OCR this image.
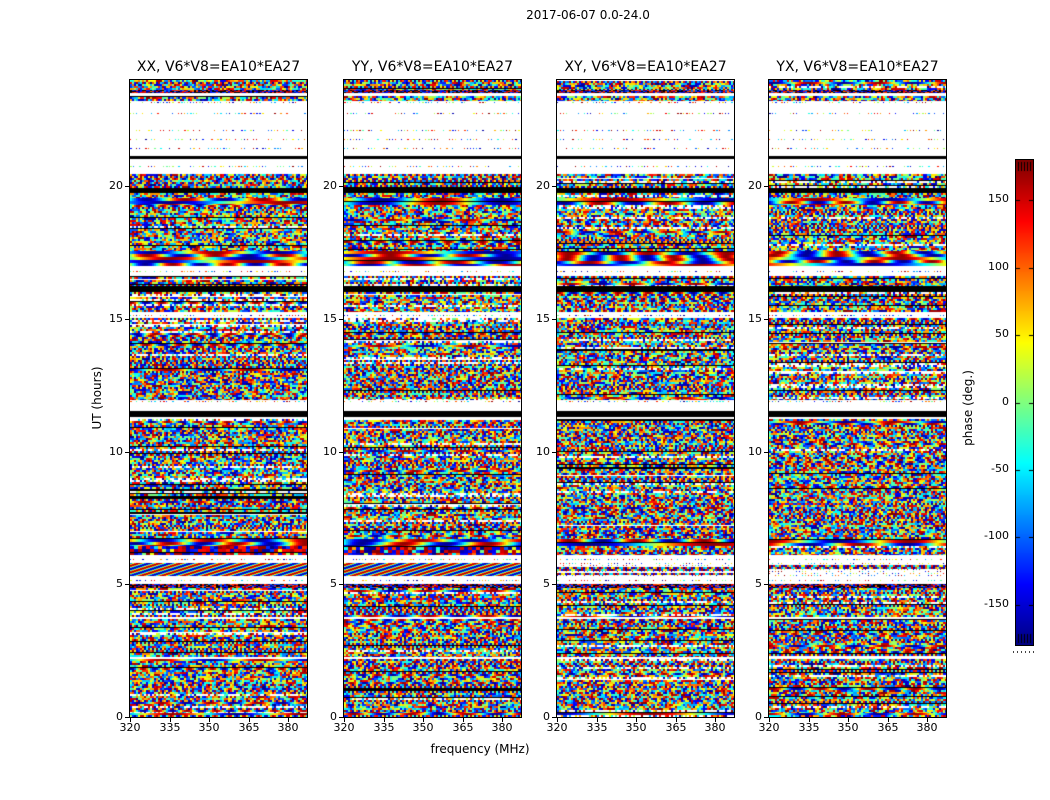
2017-06-07 0.0-24.0
XX, V6*V8=EA10*EA27	YY, V6*V8=EA10*EA27	XY, V6*V8=EA10*EA27	YX, V6*V8=EA10*EA27
UT (hours)
frequency (MHz)
phase (deg.)
0
5
10
15
20
320	335	350	365	380
0
5
10
15
20
320	335	350	365	380
0
5
10
15
20
320	335	350	365	380
0
5
10
15
20
320	335	350	365	380
-150
-100
-50
0
50
100
150
